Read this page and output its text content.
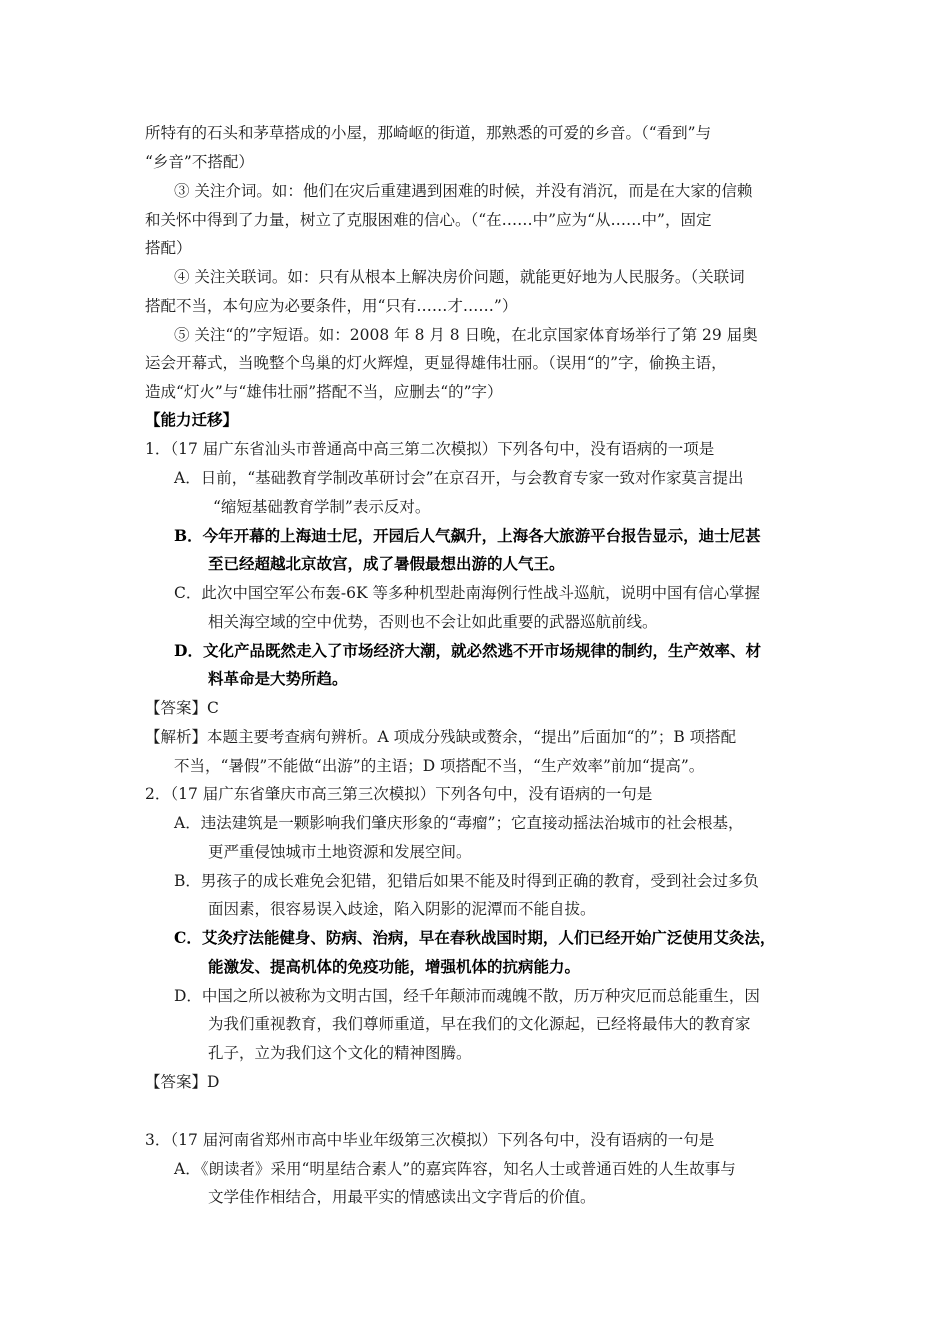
所特有的石头和茅草搭成的小屋，那崎岖的街道，那熟悉的可爱的乡音。（“看到”与
“乡音”不搭配）
③ 关注介词。如：他们在灾后重建遇到困难的时候，并没有消沉，而是在大家的信赖
和关怀中得到了力量，树立了克服困难的信心。（“在……中”应为“从……中”，固定
搭配）
④ 关注关联词。如：只有从根本上解决房价问题，就能更好地为人民服务。（关联词
搭配不当，本句应为必要条件，用“只有……才……”）
⑤ 关注“的”字短语。如：2008 年 8 月 8 日晚，在北京国家体育场举行了第 29 届奥
运会开幕式，当晚整个鸟巢的灯火辉煌，更显得雄伟壮丽。（误用“的”字，偷换主语，
造成“灯火”与“雄伟壮丽”搭配不当，应删去“的”字）
【能力迁移】
1．（17 届广东省汕头市普通高中高三第二次模拟）下列各句中，没有语病的一项是
A．日前，“基础教育学制改革研讨会”在京召开，与会教育专家一致对作家莫言提出
“缩短基础教育学制”表示反对。
B．今年开幕的上海迪士尼，开园后人气飙升，上海各大旅游平台报告显示，迪士尼甚
至已经超越北京故宫，成了暑假最想出游的人气王。
C．此次中国空军公布轰-6K 等多种机型赴南海例行性战斗巡航，说明中国有信心掌握
相关海空域的空中优势，否则也不会让如此重要的武器巡航前线。
D．文化产品既然走入了市场经济大潮，就必然逃不开市场规律的制约，生产效率、材
料革命是大势所趋。
【答案】C
【解析】本题主要考查病句辨析。A 项成分残缺或赘余，“提出”后面加“的”；B 项搭配
不当，“暑假”不能做“出游”的主语；D 项搭配不当，“生产效率”前加“提高”。
2．（17 届广东省肇庆市高三第三次模拟）下列各句中，没有语病的一句是
A．违法建筑是一颗影响我们肇庆形象的“毒瘤”；它直接动摇法治城市的社会根基，
更严重侵蚀城市土地资源和发展空间。
B．男孩子的成长难免会犯错，犯错后如果不能及时得到正确的教育，受到社会过多负
面因素，很容易误入歧途，陷入阴影的泥潭而不能自拔。
C．艾灸疗法能健身、防病、治病，早在春秋战国时期，人们已经开始广泛使用艾灸法，
能激发、提高机体的免疫功能，增强机体的抗病能力。
D．中国之所以被称为文明古国，经千年颠沛而魂魄不散，历万种灾厄而总能重生，因
为我们重视教育，我们尊师重道，早在我们的文化源起，已经将最伟大的教育家
孔子，立为我们这个文化的精神图腾。
【答案】D
3．（17 届河南省郑州市高中毕业年级第三次模拟）下列各句中，没有语病的一句是
A．《朗读者》采用“明星结合素人”的嘉宾阵容，知名人士或普通百姓的人生故事与
文学佳作相结合，用最平实的情感读出文字背后的价值。
